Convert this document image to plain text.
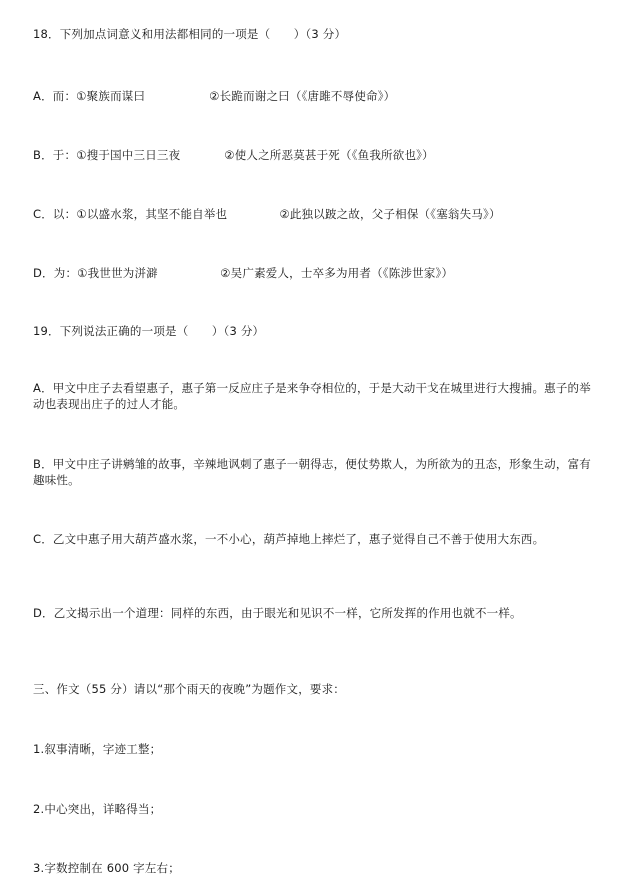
18．下列加点词意义和用法都相同的一项是（　　）（3 分）
A．而：①聚族而谋曰	②长跪而谢之曰（《唐雎不辱使命》）
B．于：①搜于国中三日三夜	②使人之所恶莫甚于死（《鱼我所欲也》）
C．以：①以盛水浆，其坚不能自举也	②此独以跛之故，父子相保（《塞翁失马》）
D．为：①我世世为洴澼	②吴广素爱人，士卒多为用者（《陈涉世家》）
19．下列说法正确的一项是（　　）（3 分）
A．甲文中庄子去看望惠子，惠子第一反应庄子是来争夺相位的，于是大动干戈在城里进行大搜捕。惠子的举动也表现出庄子的过人才能。
B．甲文中庄子讲鹓雏的故事，辛辣地讽刺了惠子一朝得志，便仗势欺人，为所欲为的丑态，形象生动，富有趣味性。
C．乙文中惠子用大葫芦盛水浆，一不小心，葫芦掉地上摔烂了，惠子觉得自己不善于使用大东西。
D．乙文揭示出一个道理：同样的东西，由于眼光和见识不一样，它所发挥的作用也就不一样。
三、作文（55 分）请以“那个雨天的夜晚”为题作文，要求：
1.叙事清晰，字迹工整；
2.中心突出，详略得当；
3.字数控制在 600 字左右；
